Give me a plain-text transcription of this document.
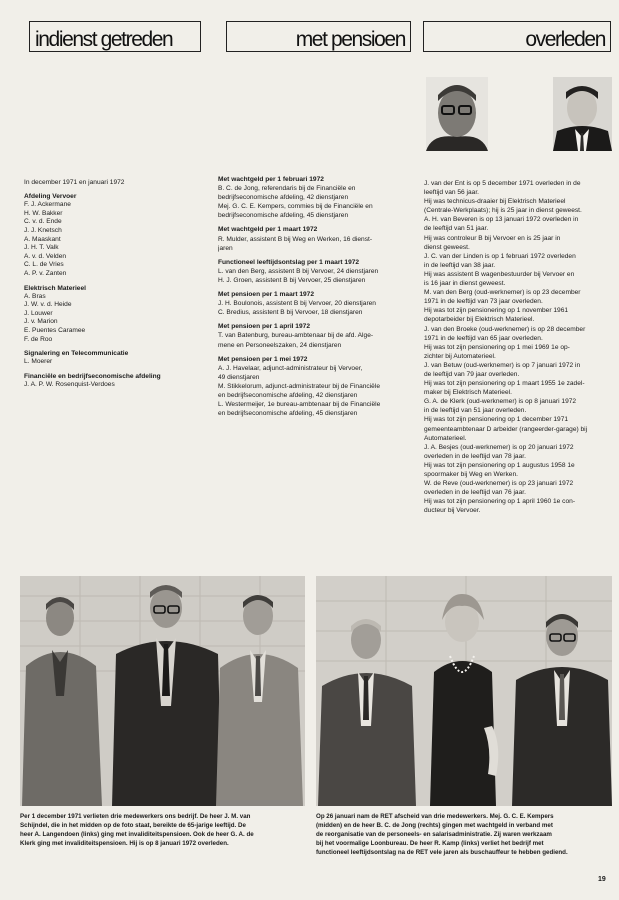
indienst getreden	met pensioen	overleden
In december 1971 en januari 1972
Afdeling Vervoer
F. J. Ackermane
H. W. Bakker
C. v. d. Ende
J. J. Knetsch
A. Maaskant
J. H. T. Valk
A. v. d. Velden
C. L. de Vries
A. P. v. Zanten
Elektrisch Materieel
A. Bras
J. W. v. d. Heide
J. Louwer
J. v. Marion
E. Puentes Caramee
F. de Roo
Signalering en Telecommunicatie
L. Moerer
Financiële en bedrijfseconomische afdeling
J. A. P. W. Rosenquist-Verdoes
Met wachtgeld per 1 februari 1972
B. C. de Jong, referendaris bij de Financiële en
bedrijfseconomische afdeling, 42 dienstjaren
Mej. G. C. E. Kempers, commies bij de Financiële en
bedrijfseconomische afdeling, 45 dienstjaren
Met wachtgeld per 1 maart 1972
R. Mulder, assistent B bij Weg en Werken, 16 dienst-
jaren
Functioneel leeftijdsontslag per 1 maart 1972
L. van den Berg, assistent B bij Vervoer, 24 dienstjaren
H. J. Groen, assistent B bij Vervoer, 25 dienstjaren
Met pensioen per 1 maart 1972
J. H. Boulonois, assistent B bij Vervoer, 20 dienstjaren
C. Bredius, assistent B bij Vervoer, 18 dienstjaren
Met pensioen per 1 april 1972
T. van Batenburg, bureau-ambtenaar bij de afd. Alge-
mene en Personeelszaken, 24 dienstjaren
Met pensioen per 1 mei 1972
A. J. Havelaar, adjunct-administrateur bij Vervoer,
49 dienstjaren
M. Stikkelorum, adjunct-administrateur bij de Financiële
en bedrijfseconomische afdeling, 42 dienstjaren
L. Westermeijer, 1e bureau-ambtenaar bij de Financiële
en bedrijfseconomische afdeling, 45 dienstjaren
J. van der Ent is op 5 december 1971 overleden in de
leeftijd van 56 jaar.
Hij was technicus-draaier bij Elektrisch Materieel
(Centrale-Werkplaats); hij is 25 jaar in dienst geweest.
A. H. van Beveren is op 13 januari 1972 overleden in
de leeftijd van 51 jaar.
Hij was controleur B bij Vervoer en is 25 jaar in
dienst geweest.
J. C. van der Linden is op 1 februari 1972 overleden
in de leeftijd van 38 jaar.
Hij was assistent B wagenbestuurder bij Vervoer en
is 16 jaar in dienst geweest.
M. van den Berg (oud-werknemer) is op 23 december
1971 in de leeftijd van 73 jaar overleden.
Hij was tot zijn pensionering op 1 november 1961
depotarbeider bij Elektrisch Materieel.
J. van den Broeke (oud-werknemer) is op 28 december
1971 in de leeftijd van 65 jaar overleden.
Hij was tot zijn pensionering op 1 mei 1969 1e op-
zichter bij Automaterieel.
J. van Betuw (oud-werknemer) is op 7 januari 1972 in
de leeftijd van 79 jaar overleden.
Hij was tot zijn pensionering op 1 maart 1955 1e zadel-
maker bij Elektrisch Materieel.
G. A. de Klerk (oud-werknemer) is op 8 januari 1972
in de leeftijd van 51 jaar overleden.
Hij was tot zijn pensionering op 1 december 1971
gemeenteambtenaar D arbeider (rangeerder-garage) bij
Automaterieel.
J. A. Besjes (oud-werknemer) is op 20 januari 1972
overleden in de leeftijd van 78 jaar.
Hij was tot zijn pensionering op 1 augustus 1958 1e
spoormaker bij Weg en Werken.
W. de Reve (oud-werknemer) is op 23 januari 1972
overleden in de leeftijd van 76 jaar.
Hij was tot zijn pensionering op 1 april 1960 1e con-
ducteur bij Vervoer.
Per 1 december 1971 verlieten drie medewerkers ons bedrijf. De heer J. M. van
Schijndel, die in het midden op de foto staat, bereikte de 65-jarige leeftijd. De
heer A. Langendoen (links) ging met invaliditeitspensioen. Ook de heer G. A. de
Klerk ging met invaliditeitspensioen. Hij is op 8 januari 1972 overleden.
Op 26 januari nam de RET afscheid van drie medewerkers. Mej. G. C. E. Kempers
(midden) en de heer B. C. de Jong (rechts) gingen met wachtgeld in verband met
de reorganisatie van de personeels- en salarisadministratie. Zij waren werkzaam
bij het voormalige Loonbureau. De heer R. Kamp (links) verliet het bedrijf met
functioneel leeftijdsontslag na de RET vele jaren als buschauffeur te hebben gediend.
19
